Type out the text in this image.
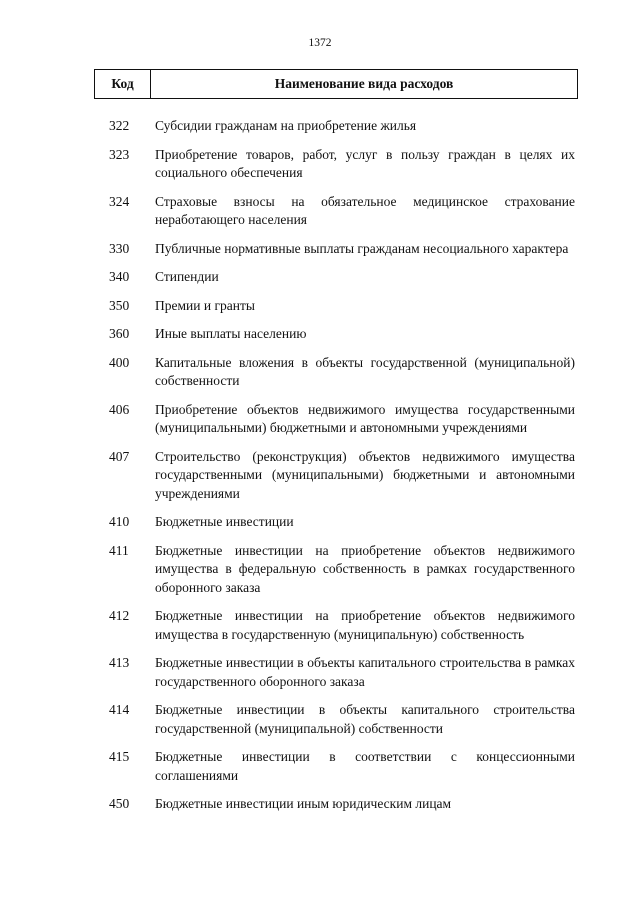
1372
Код	Наименование вида расходов
322	Субсидии гражданам на приобретение жилья
323	Приобретение товаров, работ, услуг в пользу граждан в целях их социального обеспечения
324	Страховые взносы на обязательное медицинское страхование неработающего населения
330	Публичные нормативные выплаты гражданам несоциального характера
340	Стипендии
350	Премии и гранты
360	Иные выплаты населению
400	Капитальные вложения в объекты государственной (муниципальной) собственности
406	Приобретение объектов недвижимого имущества государственными (муниципальными) бюджетными и автономными учреждениями
407	Строительство (реконструкция) объектов недвижимого имущества государственными (муниципальными) бюджетными и автономными учреждениями
410	Бюджетные инвестиции
411	Бюджетные инвестиции на приобретение объектов недвижимого имущества в федеральную собственность в рамках государственного оборонного заказа
412	Бюджетные инвестиции на приобретение объектов недвижимого имущества в государственную (муниципальную) собственность
413	Бюджетные инвестиции в объекты капитального строительства в рамках государственного оборонного заказа
414	Бюджетные инвестиции в объекты капитального строительства государственной (муниципальной) собственности
415	Бюджетные инвестиции в соответствии с концессионными соглашениями
450	Бюджетные инвестиции иным юридическим лицам
